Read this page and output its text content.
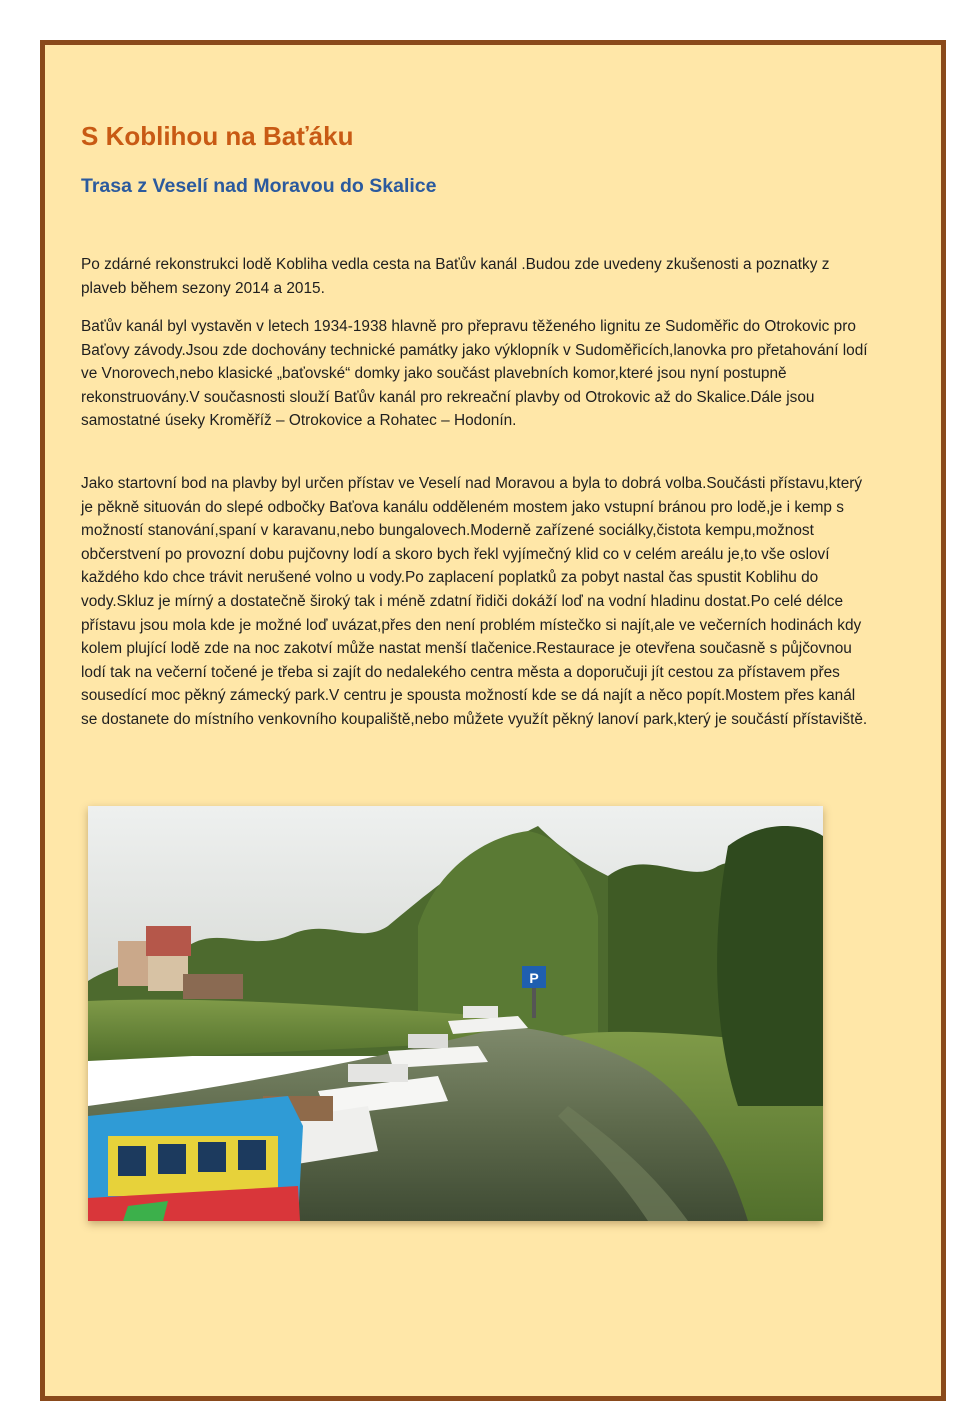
S Koblihou na Baťáku
Trasa z Veselí nad Moravou do Skalice

Po zdárné rekonstrukci lodě Kobliha vedla cesta na Baťův kanál .Budou zde uvedeny zkušenosti a poznatky z plaveb během sezony 2014 a 2015.

Baťův kanál byl vystavěn v letech 1934-1938 hlavně pro přepravu těženého lignitu ze Sudoměřic do Otrokovic pro Baťovy závody.Jsou zde dochovány technické památky jako výklopník v Sudoměřicích,lanovka pro přetahování lodí ve Vnorovech,nebo klasické „baťovské“ domky jako součást plavebních komor,které jsou nyní postupně rekonstruovány.V současnosti slouží Baťův kanál pro rekreační plavby od Otrokovic až do Skalice.Dále jsou samostatné úseky Kroměříž – Otrokovice a Rohatec – Hodonín.

Jako startovní bod na plavby byl určen přístav ve Veselí nad Moravou a byla to dobrá volba.Součásti přístavu,který je pěkně situován do slepé odbočky Baťova kanálu odděleném mostem jako vstupní bránou pro lodě,je i kemp s možností stanování,spaní v karavanu,nebo bungalovech.Moderně zařízené sociálky,čistota kempu,možnost občerstvení po provozní dobu pujčovny lodí a skoro bych řekl vyjímečný klid co v celém areálu je,to vše osloví každého kdo chce trávit nerušené volno u vody.Po zaplacení poplatků za pobyt nastal čas spustit Koblihu do vody.Skluz je mírný a dostatečně široký tak i méně zdatní řidiči dokáží loď na vodní hladinu dostat.Po celé délce přístavu jsou mola kde je možné loď uvázat,přes den není problém místečko si najít,ale ve večerních hodinách kdy kolem plující lodě zde na noc zakotví může nastat menší tlačenice.Restaurace je otevřena současně s půjčovnou lodí tak na večerní točené je třeba si zajít do nedalekého centra města a doporučuji jít cestou za přístavem přes sousedící moc pěkný zámecký park.V centru je spousta možností kde se dá najít a něco popít.Mostem přes kanál se dostanete do místního venkovního koupaliště,nebo můžete využít pěkný lanoví park,který je součástí přístaviště.

P
